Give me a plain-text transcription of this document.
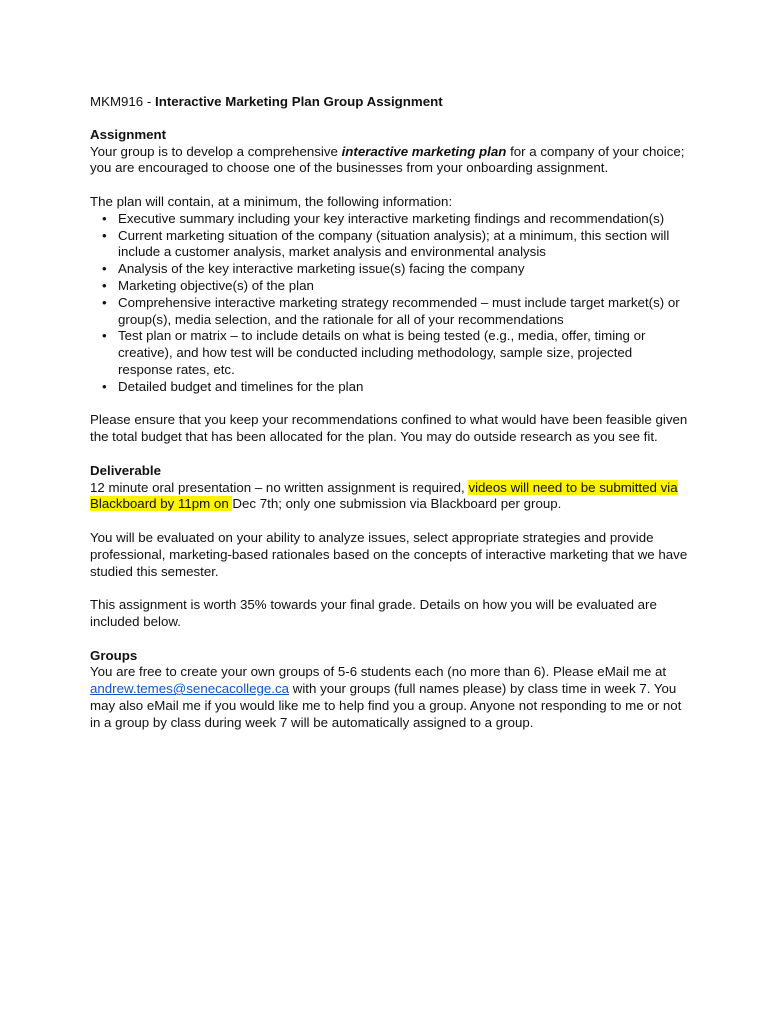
MKM916 - Interactive Marketing Plan Group Assignment

Assignment

Your group is to develop a comprehensive interactive marketing plan for a company of your choice; you are encouraged to choose one of the businesses from your onboarding assignment.

The plan will contain, at a minimum, the following information:

• Executive summary including your key interactive marketing findings and recommendation(s)
• Current marketing situation of the company (situation analysis); at a minimum, this section will include a customer analysis, market analysis and environmental analysis
• Analysis of the key interactive marketing issue(s) facing the company
• Marketing objective(s) of the plan
• Comprehensive interactive marketing strategy recommended – must include target market(s) or group(s), media selection, and the rationale for all of your recommendations
• Test plan or matrix – to include details on what is being tested (e.g., media, offer, timing or creative), and how test will be conducted including methodology, sample size, projected response rates, etc.
• Detailed budget and timelines for the plan

Please ensure that you keep your recommendations confined to what would have been feasible given the total budget that has been allocated for the plan. You may do outside research as you see fit.

Deliverable

12 minute oral presentation – no written assignment is required, videos will need to be submitted via Blackboard by 11pm on Dec 7th; only one submission via Blackboard per group.

You will be evaluated on your ability to analyze issues, select appropriate strategies and provide professional, marketing-based rationales based on the concepts of interactive marketing that we have studied this semester.

This assignment is worth 35% towards your final grade. Details on how you will be evaluated are included below.

Groups

You are free to create your own groups of 5-6 students each (no more than 6). Please eMail me at andrew.temes@senecacollege.ca with your groups (full names please) by class time in week 7. You may also eMail me if you would like me to help find you a group. Anyone not responding to me or not in a group by class during week 7 will be automatically assigned to a group.
